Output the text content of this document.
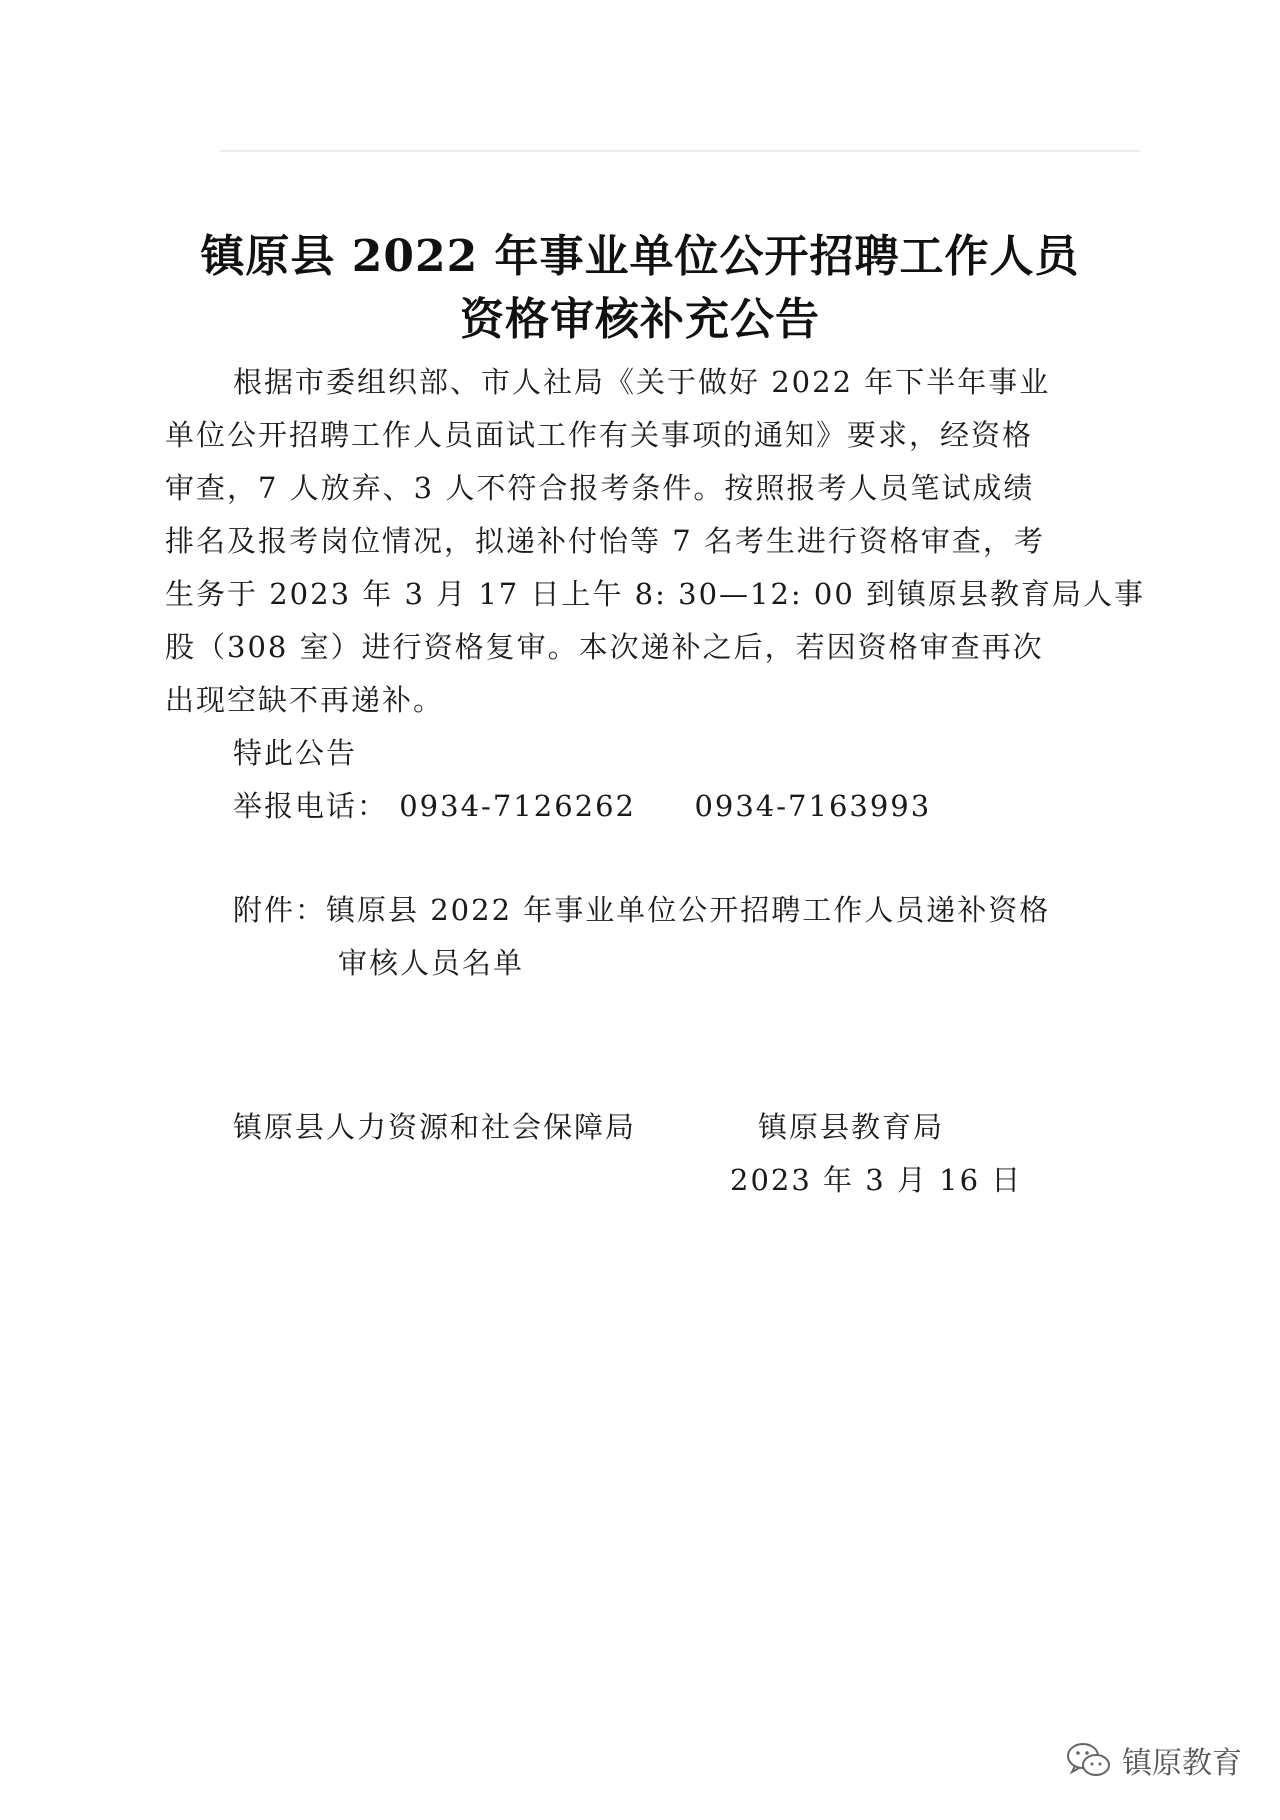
镇原县 2022 年事业单位公开招聘工作人员
资格审核补充公告
根据市委组织部、市人社局《关于做好 2022 年下半年事业
单位公开招聘工作人员面试工作有关事项的通知》要求，经资格
审查，7 人放弃、3 人不符合报考条件。按照报考人员笔试成绩
排名及报考岗位情况，拟递补付怡等 7 名考生进行资格审查，考
生务于 2023 年 3 月 17 日上午 8: 30—12: 00 到镇原县教育局人事
股（308 室）进行资格复审。本次递补之后，若因资格审查再次
出现空缺不再递补。
特此公告
举报电话： 0934-7126262 0934-7163993
附件：镇原县 2022 年事业单位公开招聘工作人员递补资格
审核人员名单
镇原县人力资源和社会保障局	镇原县教育局
2023 年 3 月 16 日
镇原教育
